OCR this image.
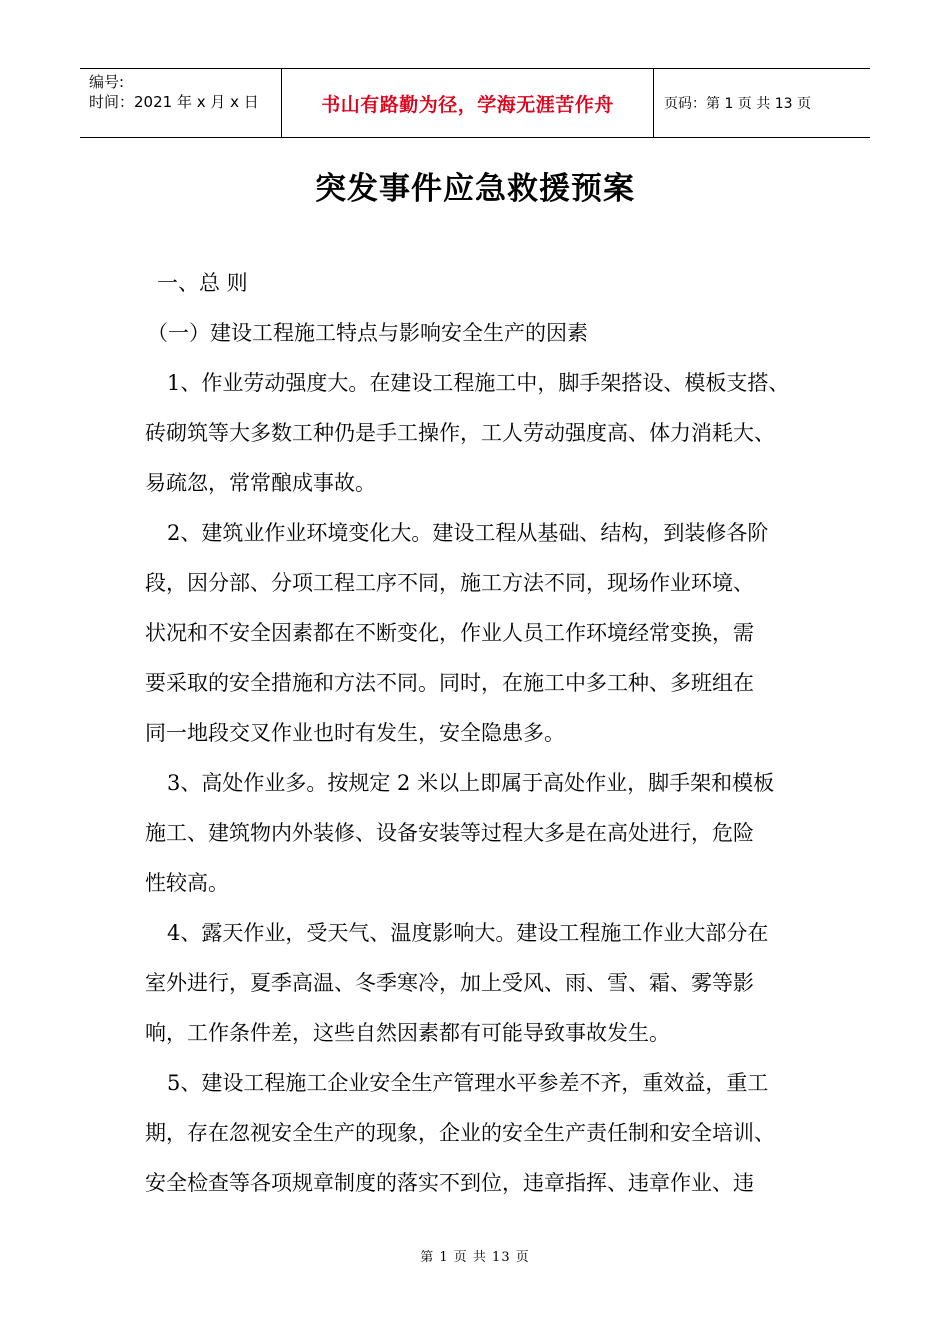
编号:
时间：2021 年 x 月 x 日	书山有路勤为径，学海无涯苦作舟	页码：第 1 页 共 13 页
突发事件应急救援预案
一、总 则
（一）建设工程施工特点与影响安全生产的因素
1、作业劳动强度大。在建设工程施工中，脚手架搭设、模板支搭、
砖砌筑等大多数工种仍是手工操作，工人劳动强度高、体力消耗大、
易疏忽，常常酿成事故。
2、建筑业作业环境变化大。建设工程从基础、结构，到装修各阶
段，因分部、分项工程工序不同，施工方法不同，现场作业环境、
状况和不安全因素都在不断变化，作业人员工作环境经常变换，需
要采取的安全措施和方法不同。同时，在施工中多工种、多班组在
同一地段交叉作业也时有发生，安全隐患多。
3、高处作业多。按规定 2 米以上即属于高处作业，脚手架和模板
施工、建筑物内外装修、设备安装等过程大多是在高处进行，危险
性较高。
4、露天作业，受天气、温度影响大。建设工程施工作业大部分在
室外进行，夏季高温、冬季寒冷，加上受风、雨、雪、霜、雾等影
响，工作条件差，这些自然因素都有可能导致事故发生。
5、建设工程施工企业安全生产管理水平参差不齐，重效益，重工
期，存在忽视安全生产的现象，企业的安全生产责任制和安全培训、
安全检查等各项规章制度的落实不到位，违章指挥、违章作业、违
第 1 页 共 13 页
